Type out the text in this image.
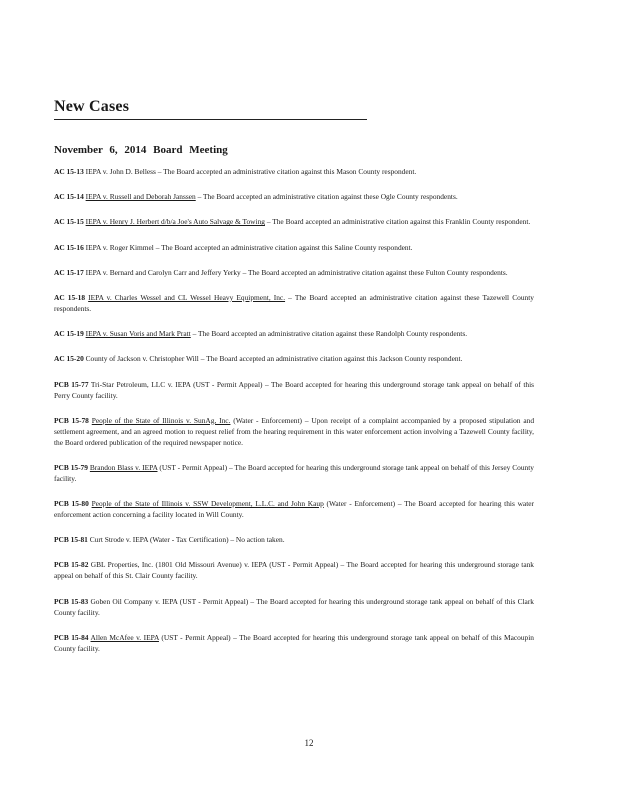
New Cases
November 6, 2014 Board Meeting

AC 15-13 IEPA v. John D. Belless – The Board accepted an administrative citation against this Mason County respondent.

AC 15-14 IEPA v. Russell and Deborah Janssen – The Board accepted an administrative citation against these Ogle County respondents.

AC 15-15 IEPA v. Henry J. Herbert d/b/a Joe's Auto Salvage & Towing – The Board accepted an administrative citation against this Franklin County respondent.

AC 15-16 IEPA v. Roger Kimmel – The Board accepted an administrative citation against this Saline County respondent.

AC 15-17 IEPA v. Bernard and Carolyn Carr and Jeffery Yerky – The Board accepted an administrative citation against these Fulton County respondents.

AC 15-18 IEPA v. Charles Wessel and CL Wessel Heavy Equipment, Inc. – The Board accepted an administrative citation against these Tazewell County respondents.

AC 15-19 IEPA v. Susan Voris and Mark Pratt – The Board accepted an administrative citation against these Randolph County respondents.

AC 15-20 County of Jackson v. Christopher Will – The Board accepted an administrative citation against this Jackson County respondent.

PCB 15-77 Tri-Star Petroleum, LLC v. IEPA (UST - Permit Appeal) – The Board accepted for hearing this underground storage tank appeal on behalf of this Perry County facility.

PCB 15-78 People of the State of Illinois v. SunAg, Inc. (Water - Enforcement) – Upon receipt of a complaint accompanied by a proposed stipulation and settlement agreement, and an agreed motion to request relief from the hearing requirement in this water enforcement action involving a Tazewell County facility, the Board ordered publication of the required newspaper notice.

PCB 15-79 Brandon Blass v. IEPA (UST - Permit Appeal) – The Board accepted for hearing this underground storage tank appeal on behalf of this Jersey County facility.

PCB 15-80 People of the State of Illinois v. SSW Development, L.L.C. and John Kaup (Water - Enforcement) – The Board accepted for hearing this water enforcement action concerning a facility located in Will County.

PCB 15-81 Curt Strode v. IEPA (Water - Tax Certification) – No action taken.

PCB 15-82 GBL Properties, Inc. (1801 Old Missouri Avenue) v. IEPA (UST - Permit Appeal) – The Board accepted for hearing this underground storage tank appeal on behalf of this St. Clair County facility.

PCB 15-83 Goben Oil Company v. IEPA (UST - Permit Appeal) – The Board accepted for hearing this underground storage tank appeal on behalf of this Clark County facility.

PCB 15-84 Allen McAfee v. IEPA (UST - Permit Appeal) – The Board accepted for hearing this underground storage tank appeal on behalf of this Macoupin County facility.

12
